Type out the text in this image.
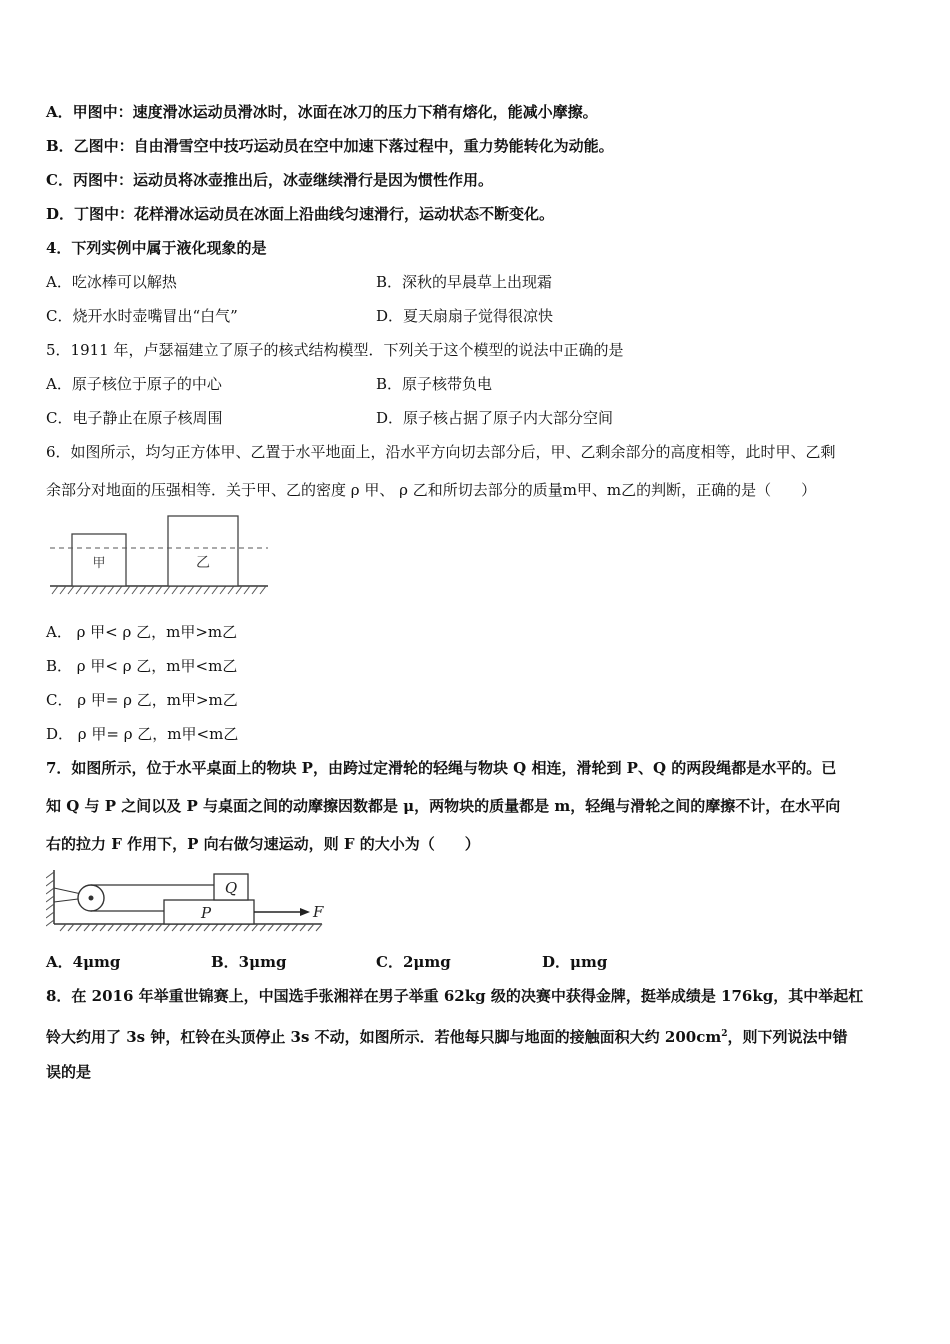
A．甲图中：速度滑冰运动员滑冰时，冰面在冰刀的压力下稍有熔化，能减小摩擦。
B．乙图中：自由滑雪空中技巧运动员在空中加速下落过程中，重力势能转化为动能。
C．丙图中：运动员将冰壶推出后，冰壶继续滑行是因为惯性作用。
D．丁图中：花样滑冰运动员在冰面上沿曲线匀速滑行，运动状态不断变化。
4．下列实例中属于液化现象的是
A．吃冰棒可以解热	B．深秋的早晨草上出现霜
C．烧开水时壶嘴冒出“白气”	D．夏天扇扇子觉得很凉快
5．1911 年，卢瑟福建立了原子的核式结构模型．下列关于这个模型的说法中正确的是
A．原子核位于原子的中心	B．原子核带负电
C．电子静止在原子核周围	D．原子核占据了原子内大部分空间
6．如图所示，均匀正方体甲、乙置于水平地面上，沿水平方向切去部分后，甲、乙剩余部分的高度相等，此时甲、乙剩
余部分对地面的压强相等．关于甲、乙的密度 ρ 甲、 ρ 乙和所切去部分的质量m甲、m乙的判断，正确的是（　　）
甲	乙
A． ρ 甲< ρ 乙，m甲>m乙
B． ρ 甲< ρ 乙，m甲<m乙
C． ρ 甲= ρ 乙，m甲>m乙
D． ρ 甲= ρ 乙，m甲<m乙
7．如图所示，位于水平桌面上的物块 P，由跨过定滑轮的轻绳与物块 Q 相连，滑轮到 P、Q 的两段绳都是水平的。已
知 Q 与 P 之间以及 P 与桌面之间的动摩擦因数都是 μ，两物块的质量都是 m，轻绳与滑轮之间的摩擦不计，在水平向
右的拉力 F 作用下，P 向右做匀速运动，则 F 的大小为（　　）
Q
P	F
A．4μmg	B．3μmg	C．2μmg	D．μmg
8．在 2016 年举重世锦赛上，中国选手张湘祥在男子举重 62kg 级的决赛中获得金牌，挺举成绩是 176kg，其中举起杠
铃大约用了 3s 钟，杠铃在头顶停止 3s 不动，如图所示．若他每只脚与地面的接触面积大约 $200cm^2$，则下列说法中错
误的是
